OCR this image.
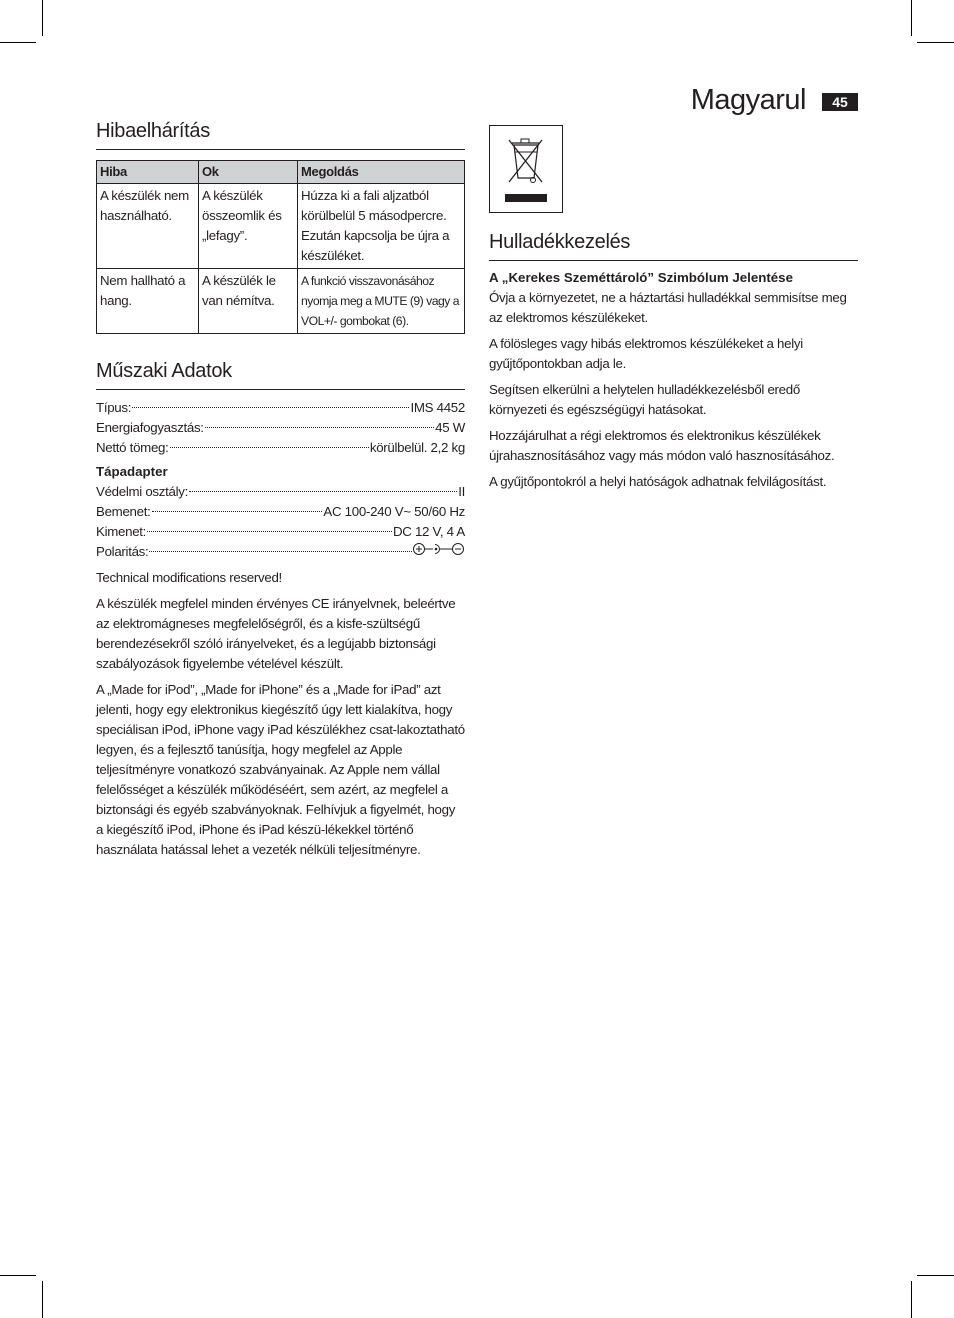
Magyarul	45
Hibaelhárítás
Hiba	Ok	Megoldás
A készülék nem használható.	A készülék összeomlik és „lefagy”.	Húzza ki a fali aljzatból körülbelül 5 másodpercre. Ezután kapcsolja be újra a készüléket.
Nem hallható a hang.	A készülék le van némítva.	A funkció visszavonásához nyomja meg a MUTE (9) vagy a VOL+/- gombokat (6).
Műszaki Adatok
Típus:	IMS 4452
Energiafogyasztás:	45 W
Nettó tömeg:	körülbelül. 2,2 kg
Tápadapter
Védelmi osztály:	II
Bemenet:	AC 100-240 V~ 50/60 Hz
Kimenet:	DC 12 V, 4 A
Polaritás:

Technical modifications reserved!

A készülék megfelel minden érvényes CE irányelvnek, beleértve az elektromágneses megfelelőségről, és a kisfe-szültségű berendezésekről szóló irányelveket, és a legújabb biztonsági szabályozások figyelembe vételével készült.

A „Made for iPod”, „Made for iPhone” és a „Made for iPad” azt jelenti, hogy egy elektronikus kiegészítő úgy lett kialakítva, hogy speciálisan iPod, iPhone vagy iPad készülékhez csat-lakoztatható legyen, és a fejlesztő tanúsítja, hogy megfelel az Apple teljesítményre vonatkozó szabványainak. Az Apple nem vállal felelősséget a készülék működéséért, sem azért, az megfelel a biztonsági és egyéb szabványoknak. Felhívjuk a figyelmét, hogy a kiegészítő iPod, iPhone és iPad készü-lékekkel történő használata hatással lehet a vezeték nélküli teljesítményre.

Hulladékkezelés
A „Kerekes Szeméttároló” Szimbólum Jelentése

Óvja a környezetet, ne a háztartási hulladékkal semmisítse meg az elektromos készülékeket.

A fölösleges vagy hibás elektromos készülékeket a helyi gyűjtőpontokban adja le.

Segítsen elkerülni a helytelen hulladékkezelésből eredő környezeti és egészségügyi hatásokat.

Hozzájárulhat a régi elektromos és elektronikus készülékek újrahasznosításához vagy más módon való hasznosításához.

A gyűjtőpontokról a helyi hatóságok adhatnak felvilágosítást.
